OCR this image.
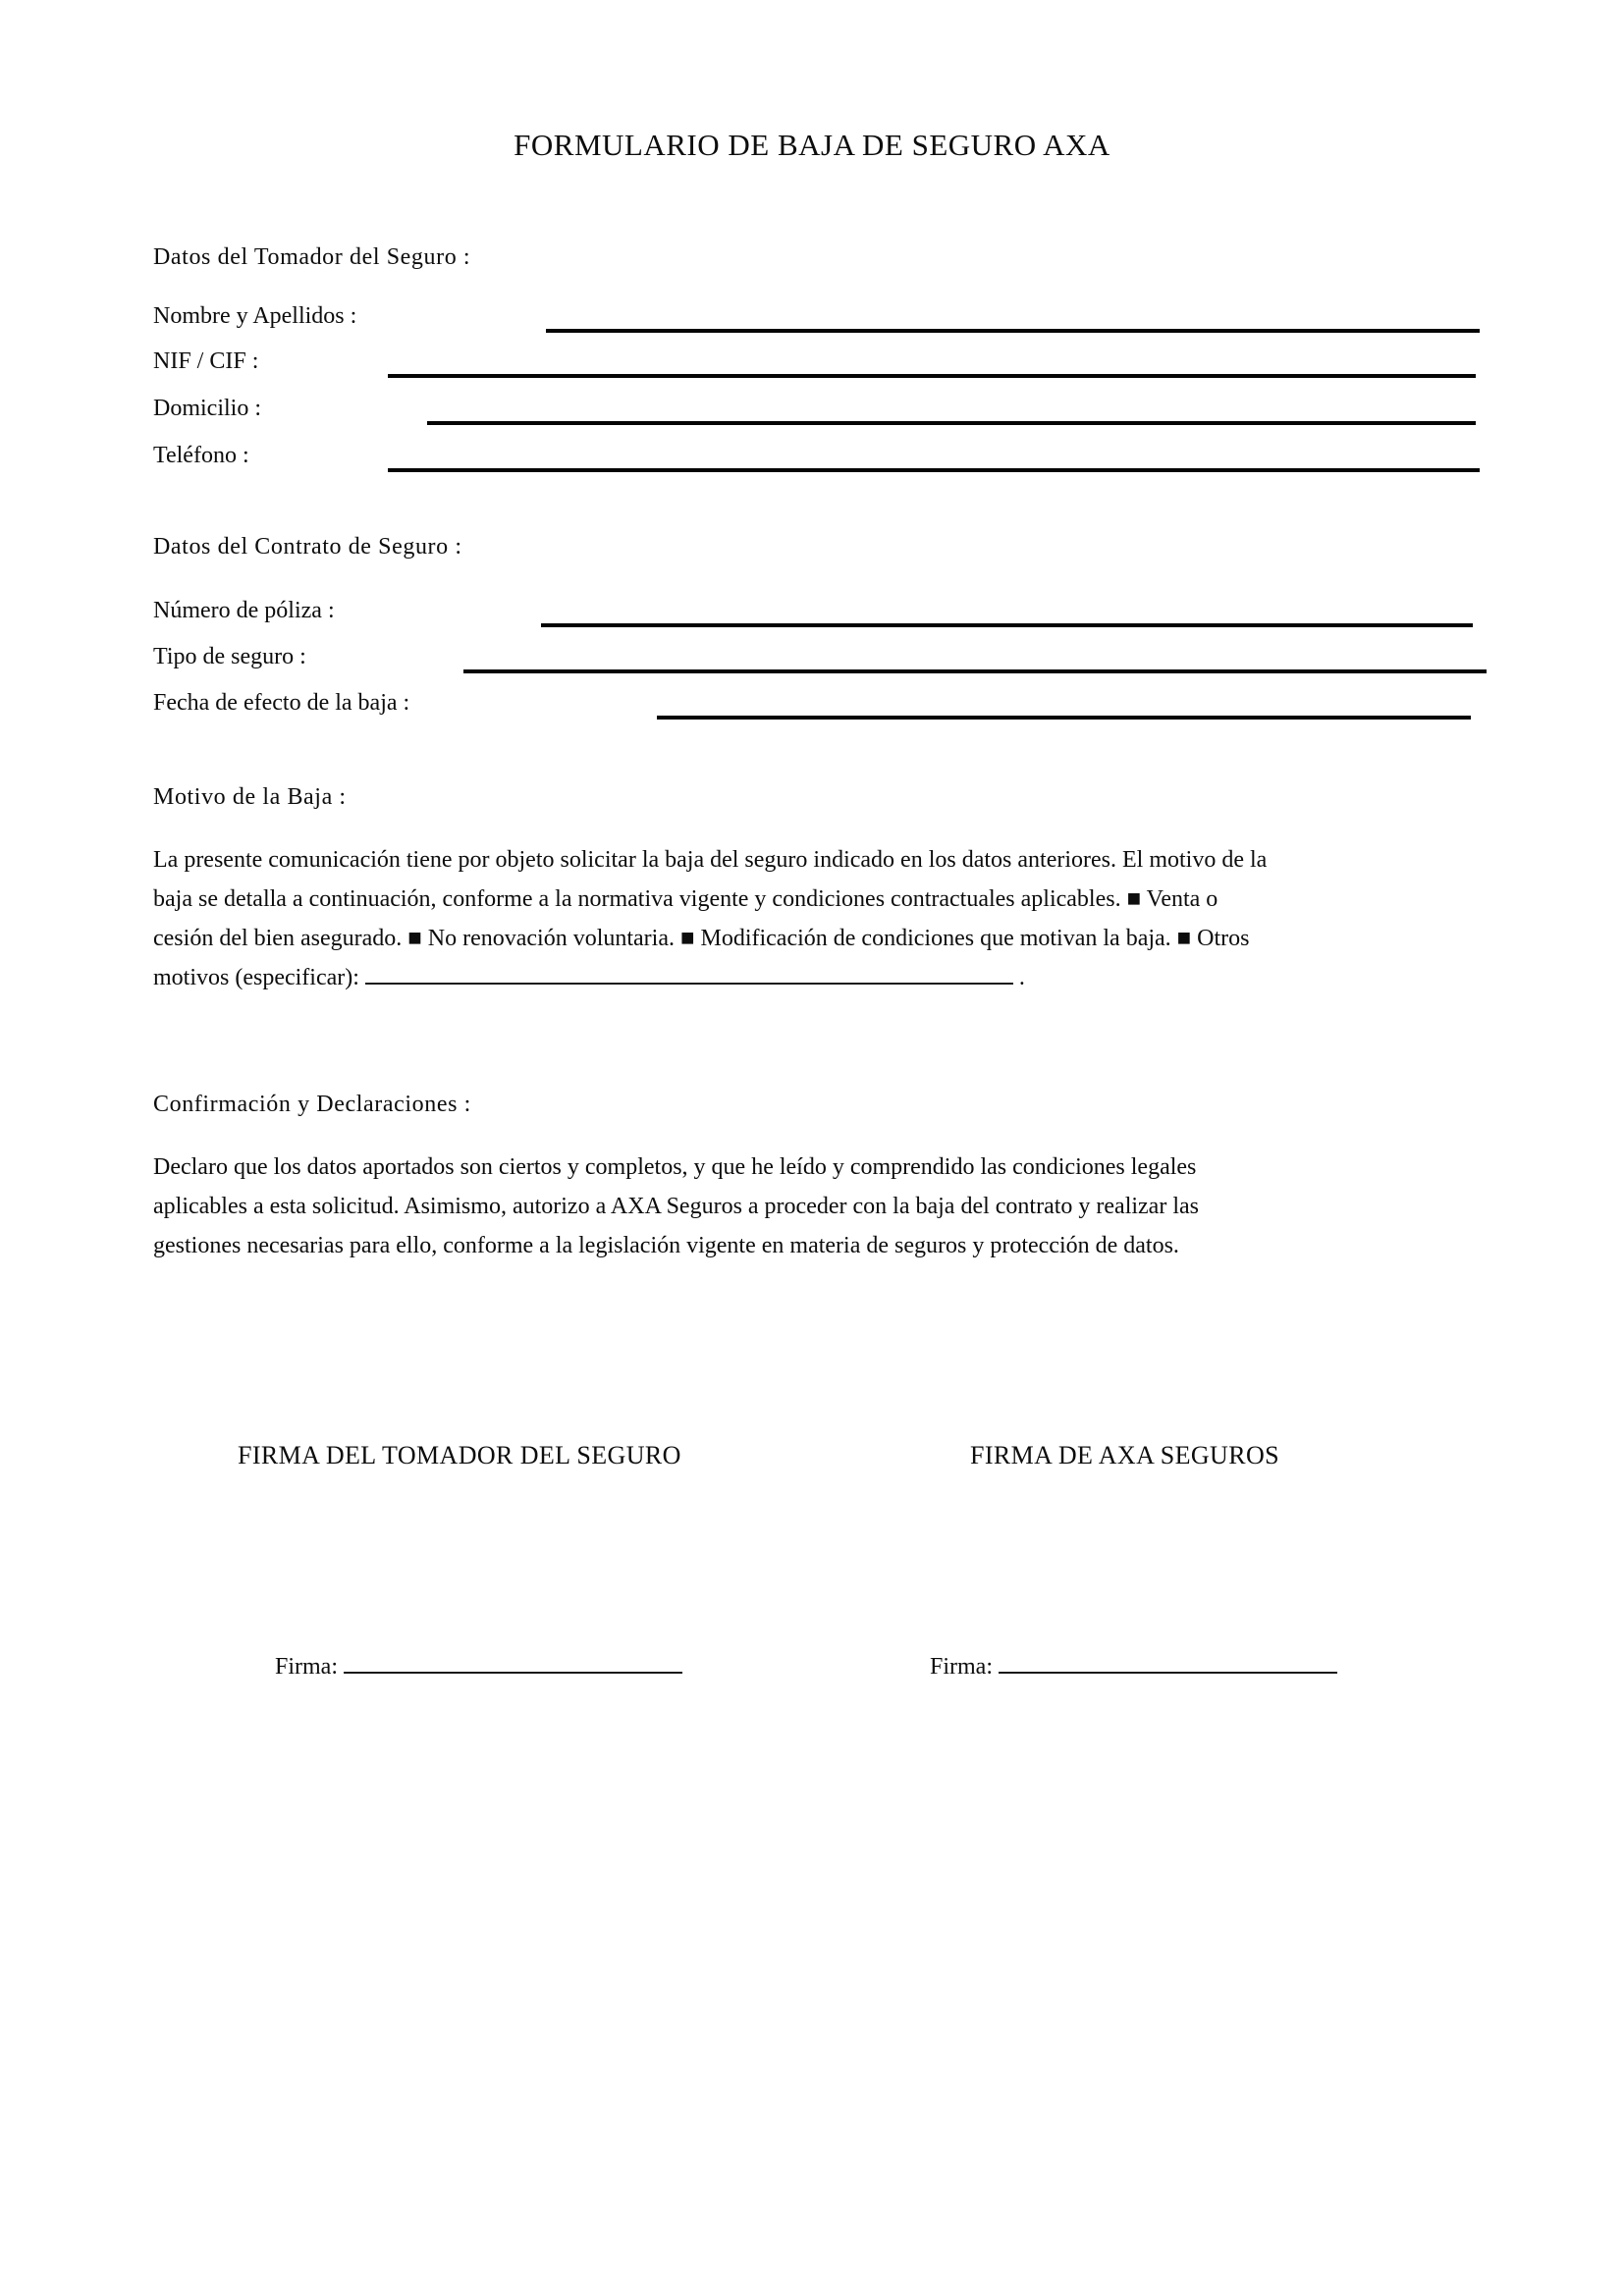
FORMULARIO DE BAJA DE SEGURO AXA
Datos del Tomador del Seguro :
Nombre y Apellidos :
NIF / CIF :
Domicilio :
Teléfono :
Datos del Contrato de Seguro :
Número de póliza :
Tipo de seguro :
Fecha de efecto de la baja :
Motivo de la Baja :
La presente comunicación tiene por objeto solicitar la baja del seguro indicado en los datos anteriores. El motivo de la
baja se detalla a continuación, conforme a la normativa vigente y condiciones contractuales aplicables. ■ Venta o
cesión del bien asegurado. ■ No renovación voluntaria. ■ Modificación de condiciones que motivan la baja. ■ Otros
motivos (especificar):	.
Confirmación y Declaraciones :
Declaro que los datos aportados son ciertos y completos, y que he leído y comprendido las condiciones legales
aplicables a esta solicitud. Asimismo, autorizo a AXA Seguros a proceder con la baja del contrato y realizar las
gestiones necesarias para ello, conforme a la legislación vigente en materia de seguros y protección de datos.
FIRMA DEL TOMADOR DEL SEGURO	FIRMA DE AXA SEGUROS
Firma:	Firma:
